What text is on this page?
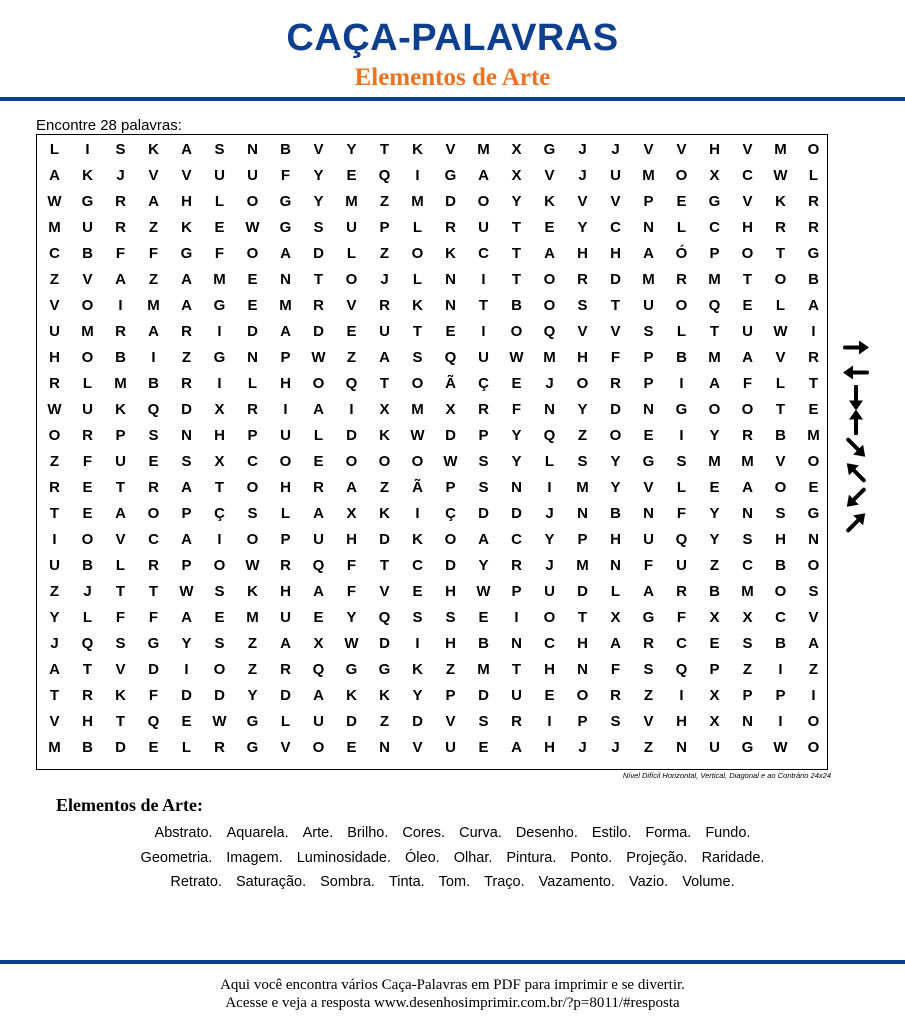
CAÇA-PALAVRAS
Elementos de Arte
Encontre 28 palavras:
L	I	S	K	A	S	N	B	V	Y	T	K	V	M	X	G	J	J	V	V	H	V	M	O
A	K	J	V	V	U	U	F	Y	E	Q	I	G	A	X	V	J	U	M	O	X	C	W	L
W	G	R	A	H	L	O	G	Y	M	Z	M	D	O	Y	K	V	V	P	E	G	V	K	R
M	U	R	Z	K	E	W	G	S	U	P	L	R	U	T	E	Y	C	N	L	C	H	R	R
C	B	F	F	G	F	O	A	D	L	Z	O	K	C	T	A	H	H	A	Ó	P	O	T	G
Z	V	A	Z	A	M	E	N	T	O	J	L	N	I	T	O	R	D	M	R	M	T	O	B
V	O	I	M	A	G	E	M	R	V	R	K	N	T	B	O	S	T	U	O	Q	E	L	A
U	M	R	A	R	I	D	A	D	E	U	T	E	I	O	Q	V	V	S	L	T	U	W	I
H	O	B	I	Z	G	N	P	W	Z	A	S	Q	U	W	M	H	F	P	B	M	A	V	R
R	L	M	B	R	I	L	H	O	Q	T	O	Ã	Ç	E	J	O	R	P	I	A	F	L	T
W	U	K	Q	D	X	R	I	A	I	X	M	X	R	F	N	Y	D	N	G	O	O	T	E
O	R	P	S	N	H	P	U	L	D	K	W	D	P	Y	Q	Z	O	E	I	Y	R	B	M
Z	F	U	E	S	X	C	O	E	O	O	O	W	S	Y	L	S	Y	G	S	M	M	V	O
R	E	T	R	A	T	O	H	R	A	Z	Ã	P	S	N	I	M	Y	V	L	E	A	O	E
T	E	A	O	P	Ç	S	L	A	X	K	I	Ç	D	D	J	N	B	N	F	Y	N	S	G
I	O	V	C	A	I	O	P	U	H	D	K	O	A	C	Y	P	H	U	Q	Y	S	H	N
U	B	L	R	P	O	W	R	Q	F	T	C	D	Y	R	J	M	N	F	U	Z	C	B	O
Z	J	T	T	W	S	K	H	A	F	V	E	H	W	P	U	D	L	A	R	B	M	O	S
Y	L	F	F	A	E	M	U	E	Y	Q	S	S	E	I	O	T	X	G	F	X	X	C	V
J	Q	S	G	Y	S	Z	A	X	W	D	I	H	B	N	C	H	A	R	C	E	S	B	A
A	T	V	D	I	O	Z	R	Q	G	G	K	Z	M	T	H	N	F	S	Q	P	Z	I	Z
T	R	K	F	D	D	Y	D	A	K	K	Y	P	D	U	E	O	R	Z	I	X	P	P	I
V	H	T	Q	E	W	G	L	U	D	Z	D	V	S	R	I	P	S	V	H	X	N	I	O
M	B	D	E	L	R	G	V	O	E	N	V	U	E	A	H	J	J	Z	N	U	G	W	O
Nível Difícil Horizontal, Vertical, Diagonal e ao Contrário 24x24
Elementos de Arte:
Abstrato. Aquarela. Arte. Brilho. Cores. Curva. Desenho. Estilo. Forma. Fundo.
Geometria. Imagem. Luminosidade. Óleo. Olhar. Pintura. Ponto. Projeção. Raridade.
Retrato. Saturação. Sombra. Tinta. Tom. Traço. Vazamento. Vazio. Volume.
Aqui você encontra vários Caça-Palavras em PDF para imprimir e se divertir.
Acesse e veja a resposta www.desenhosimprimir.com.br/?p=8011/#resposta
